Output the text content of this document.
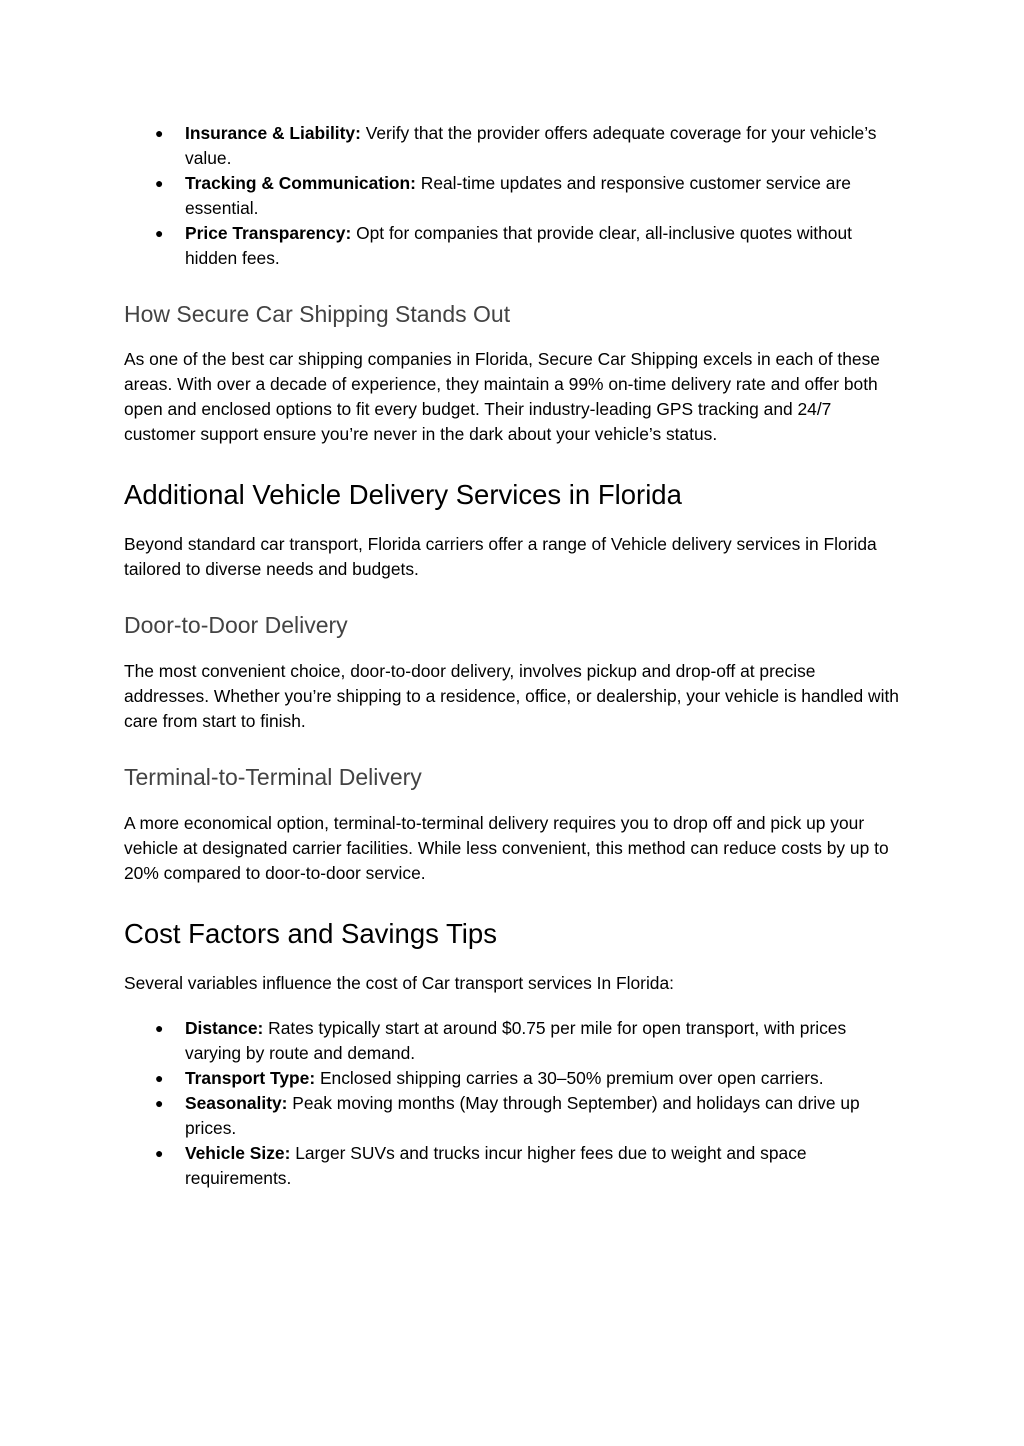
● Insurance & Liability: Verify that the provider offers adequate coverage for your vehicle’s value.
● Tracking & Communication: Real-time updates and responsive customer service are essential.
● Price Transparency: Opt for companies that provide clear, all-inclusive quotes without hidden fees.
How Secure Car Shipping Stands Out

As one of the best car shipping companies in Florida, Secure Car Shipping excels in each of these areas. With over a decade of experience, they maintain a 99% on-time delivery rate and offer both open and enclosed options to fit every budget. Their industry-leading GPS tracking and 24/7 customer support ensure you’re never in the dark about your vehicle’s status.

Additional Vehicle Delivery Services in Florida

Beyond standard car transport, Florida carriers offer a range of Vehicle delivery services in Florida tailored to diverse needs and budgets.

Door-to-Door Delivery

The most convenient choice, door-to-door delivery, involves pickup and drop-off at precise addresses. Whether you’re shipping to a residence, office, or dealership, your vehicle is handled with care from start to finish.

Terminal-to-Terminal Delivery

A more economical option, terminal-to-terminal delivery requires you to drop off and pick up your vehicle at designated carrier facilities. While less convenient, this method can reduce costs by up to 20% compared to door-to-door service.

Cost Factors and Savings Tips

Several variables influence the cost of Car transport services In Florida:

● Distance: Rates typically start at around $0.75 per mile for open transport, with prices varying by route and demand.
● Transport Type: Enclosed shipping carries a 30–50% premium over open carriers.
● Seasonality: Peak moving months (May through September) and holidays can drive up prices.
● Vehicle Size: Larger SUVs and trucks incur higher fees due to weight and space requirements.
